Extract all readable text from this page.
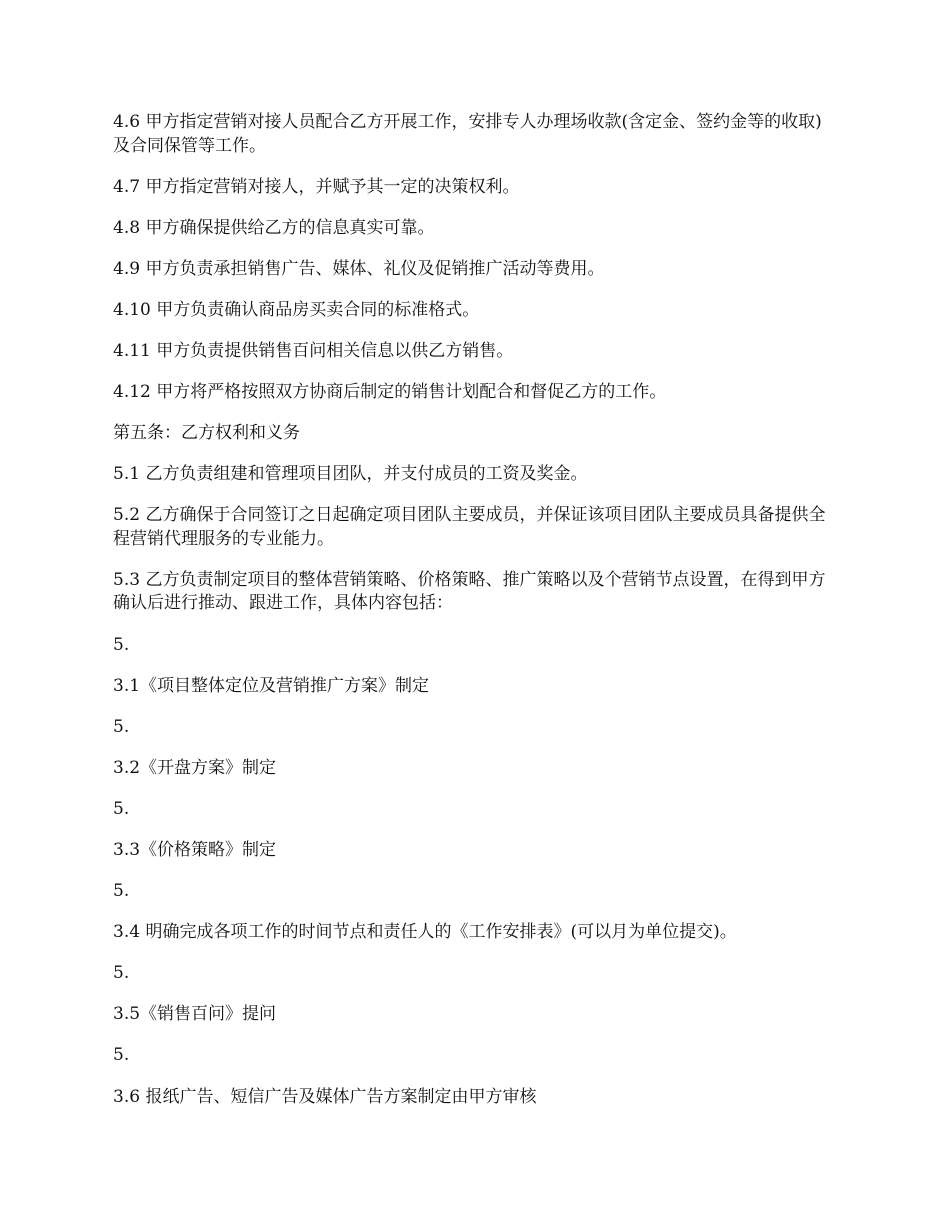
4.6 甲方指定营销对接人员配合乙方开展工作，安排专人办理场收款(含定金、签约金等的收取)及合同保管等工作。

4.7 甲方指定营销对接人，并赋予其一定的决策权利。

4.8 甲方确保提供给乙方的信息真实可靠。

4.9 甲方负责承担销售广告、媒体、礼仪及促销推广活动等费用。

4.10 甲方负责确认商品房买卖合同的标准格式。

4.11 甲方负责提供销售百问相关信息以供乙方销售。

4.12 甲方将严格按照双方协商后制定的销售计划配合和督促乙方的工作。

第五条：乙方权利和义务

5.1 乙方负责组建和管理项目团队，并支付成员的工资及奖金。

5.2 乙方确保于合同签订之日起确定项目团队主要成员，并保证该项目团队主要成员具备提供全程营销代理服务的专业能力。

5.3 乙方负责制定项目的整体营销策略、价格策略、推广策略以及个营销节点设置，在得到甲方确认后进行推动、跟进工作，具体内容包括：

5.

3.1《项目整体定位及营销推广方案》制定

5.

3.2《开盘方案》制定

5.

3.3《价格策略》制定

5.

3.4 明确完成各项工作的时间节点和责任人的《工作安排表》(可以月为单位提交)。

5.

3.5《销售百问》提问

5.

3.6 报纸广告、短信广告及媒体广告方案制定由甲方审核
